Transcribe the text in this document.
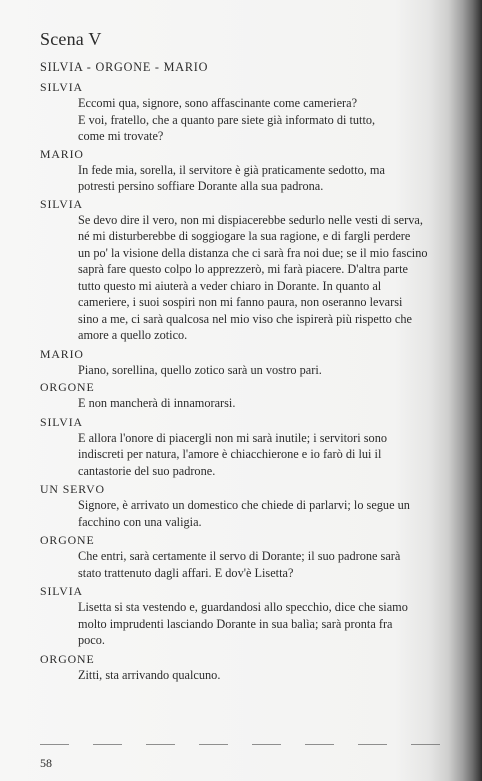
Scena V
SILVIA - ORGONE - MARIO
SILVIA
Eccomi qua, signore, sono affascinante come cameriera?
E voi, fratello, che a quanto pare siete già informato di tutto,
come mi trovate?
MARIO
In fede mia, sorella, il servitore è già praticamente sedotto, ma
potresti persino soffiare Dorante alla sua padrona.
SILVIA
Se devo dire il vero, non mi dispiacerebbe sedurlo nelle vesti di serva,
né mi disturberebbe di soggiogare la sua ragione, e di fargli perdere
un po' la visione della distanza che ci sarà fra noi due; se il mio fascino
saprà fare questo colpo lo apprezzerò, mi farà piacere. D'altra parte
tutto questo mi aiuterà a veder chiaro in Dorante. In quanto al
cameriere, i suoi sospiri non mi fanno paura, non oseranno levarsi
sino a me, ci sarà qualcosa nel mio viso che ispirerà più rispetto che
amore a quello zotico.
MARIO
Piano, sorellina, quello zotico sarà un vostro pari.
ORGONE
E non mancherà di innamorarsi.
SILVIA
E allora l'onore di piacergli non mi sarà inutile; i servitori sono
indiscreti per natura, l'amore è chiacchierone e io farò di lui il
cantastorie del suo padrone.
UN SERVO
Signore, è arrivato un domestico che chiede di parlarvi; lo segue un
facchino con una valigia.
ORGONE
Che entri, sarà certamente il servo di Dorante; il suo padrone sarà
stato trattenuto dagli affari. E dov'è Lisetta?
SILVIA
Lisetta si sta vestendo e, guardandosi allo specchio, dice che siamo
molto imprudenti lasciando Dorante in sua balìa; sarà pronta fra
poco.
ORGONE
Zitti, sta arrivando qualcuno.
58
